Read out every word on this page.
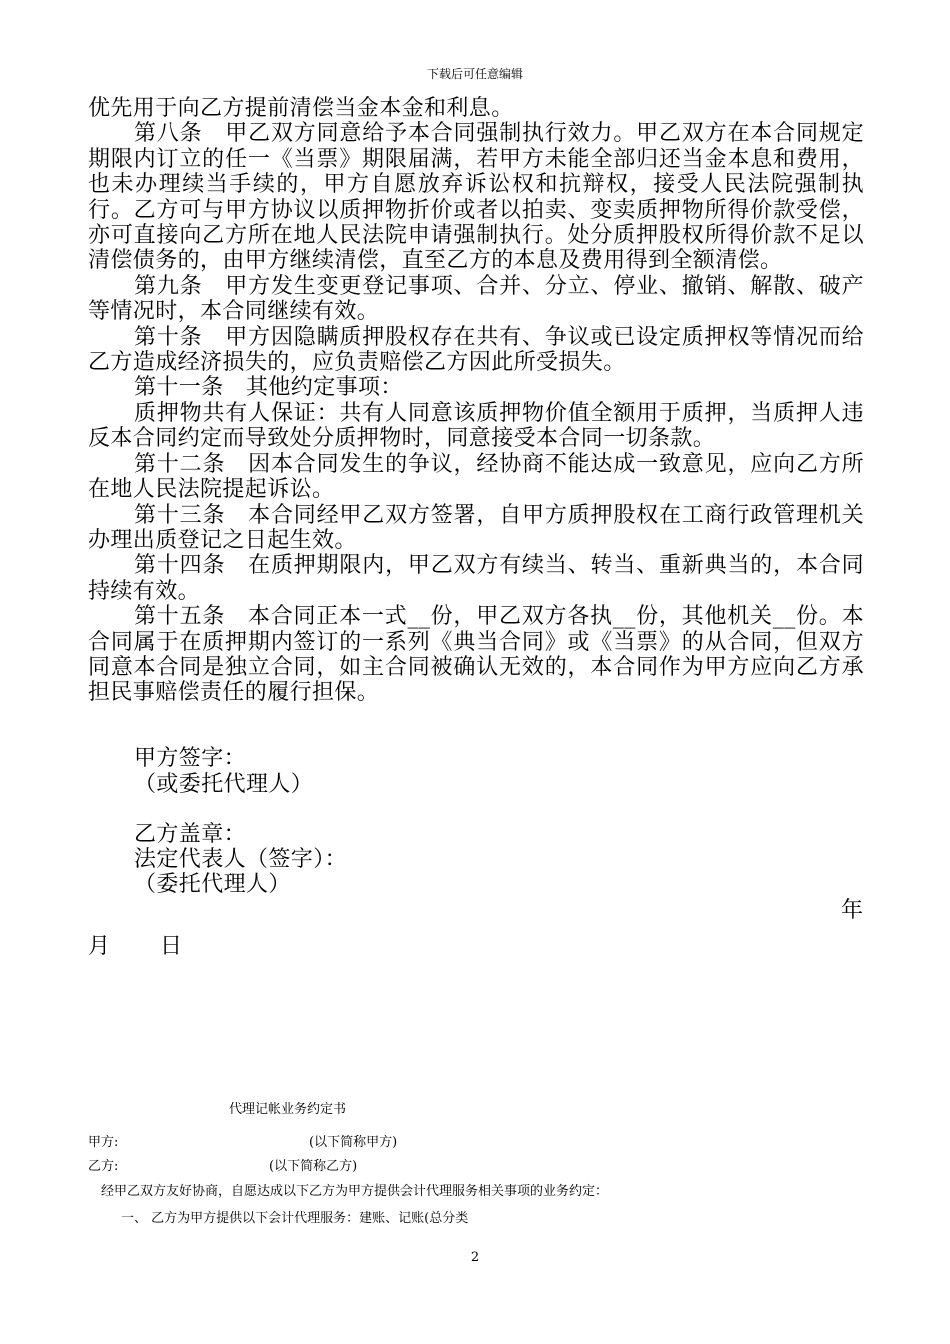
下载后可任意编辑

优先用于向乙方提前清偿当金本金和利息。

第八条　甲乙双方同意给予本合同强制执行效力。甲乙双方在本合同规定期限内订立的任一《当票》期限届满，若甲方未能全部归还当金本息和费用，也未办理续当手续的，甲方自愿放弃诉讼权和抗辩权，接受人民法院强制执行。乙方可与甲方协议以质押物折价或者以拍卖、变卖质押物所得价款受偿，亦可直接向乙方所在地人民法院申请强制执行。处分质押股权所得价款不足以清偿债务的，由甲方继续清偿，直至乙方的本息及费用得到全额清偿。

第九条　甲方发生变更登记事项、合并、分立、停业、撤销、解散、破产等情况时，本合同继续有效。

第十条　甲方因隐瞒质押股权存在共有、争议或已设定质押权等情况而给乙方造成经济损失的，应负责赔偿乙方因此所受损失。

第十一条　其他约定事项：

质押物共有人保证：共有人同意该质押物价值全额用于质押，当质押人违反本合同约定而导致处分质押物时，同意接受本合同一切条款。

第十二条　因本合同发生的争议，经协商不能达成一致意见，应向乙方所在地人民法院提起诉讼。

第十三条　本合同经甲乙双方签署，自甲方质押股权在工商行政管理机关办理出质登记之日起生效。

第十四条　在质押期限内，甲乙双方有续当、转当、重新典当的，本合同持续有效。

第十五条　本合同正本一式__份，甲乙双方各执__份，其他机关__份。本合同属于在质押期内签订的一系列《典当合同》或《当票》的从合同，但双方同意本合同是独立合同，如主合同被确认无效的，本合同作为甲方应向乙方承担民事赔偿责任的履行担保。

甲方签字：
（或委托代理人）
乙方盖章：
法定代表人（签字）：
（委托代理人）
年
月 日
代理记帐业务约定书
甲方:	(以下简称甲方)
乙方:	(以下简称乙方)
经甲乙双方友好协商，自愿达成以下乙方为甲方提供会计代理服务相关事项的业务约定：
一、 乙方为甲方提供以下会计代理服务：建账、记账(总分类
2
